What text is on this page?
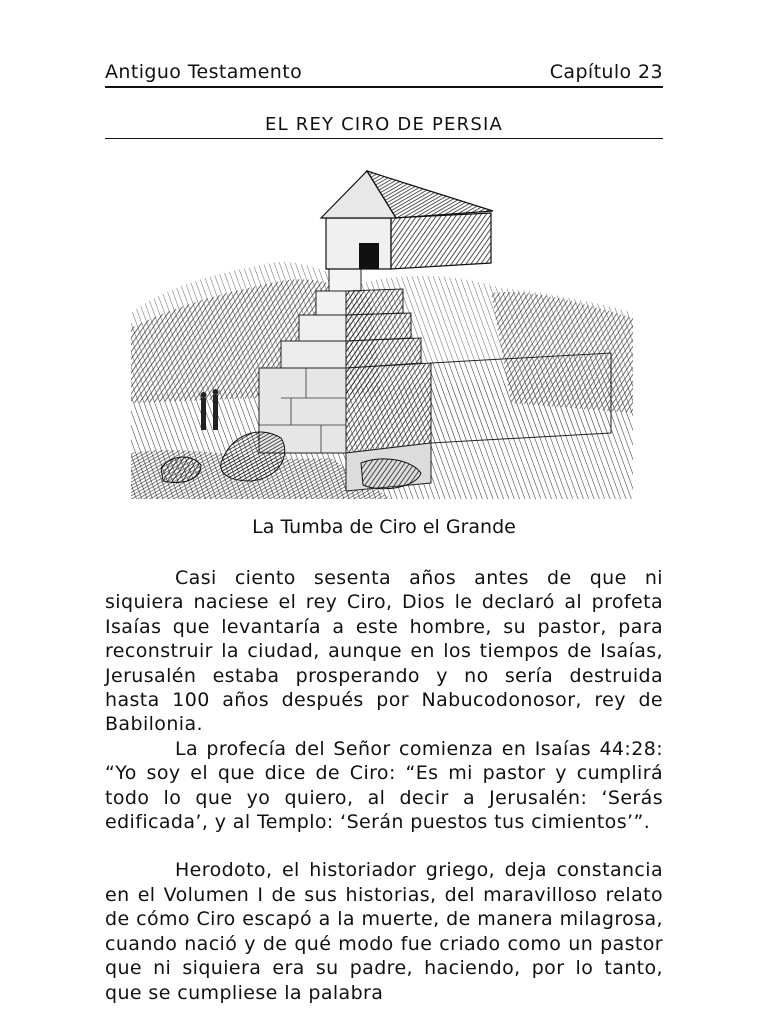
Antiguo Testamento	Capítulo 23
EL REY CIRO DE PERSIA
La Tumba de Ciro el Grande

Casi ciento sesenta años antes de que ni siquiera naciese el rey Ciro, Dios le declaró al profeta Isaías que levantaría a este hombre, su pastor, para reconstruir la ciudad, aunque en los tiempos de Isaías, Jerusalén estaba prosperando y no sería destruida hasta 100 años después por Nabucodonosor, rey de Babilonia.

La profecía del Señor comienza en Isaías 44:28: “Yo soy el que dice de Ciro: “Es mi pastor y cumplirá todo lo que yo quiero, al decir a Jerusalén: ‘Serás edificada’, y al Templo: ‘Serán puestos tus cimientos’”.

Herodoto, el historiador griego, deja constancia en el Volumen I de sus historias, del maravilloso relato de cómo Ciro escapó a la muerte, de manera milagrosa, cuando nació y de qué modo fue criado como un pastor que ni siquiera era su padre, haciendo, por lo tanto, que se cumpliese la palabra
